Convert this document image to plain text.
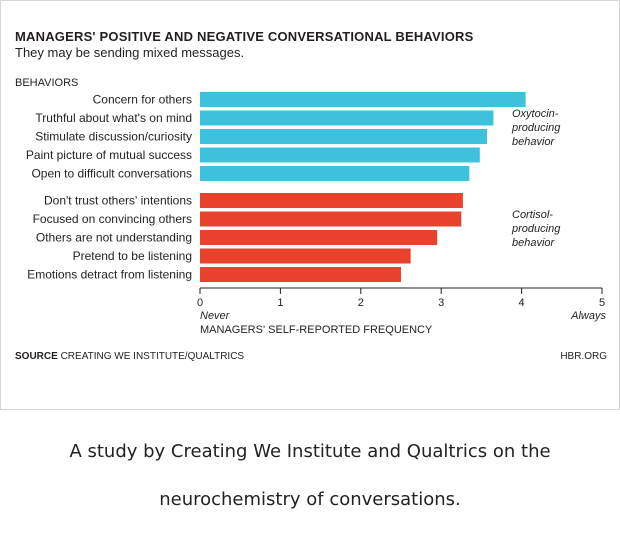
MANAGERS' POSITIVE AND NEGATIVE CONVERSATIONAL BEHAVIORS
They may be sending mixed messages.
BEHAVIORS
Concern for others
Truthful about what's on mind
Stimulate discussion/curiosity
Paint picture of mutual success
Open to difficult conversations
Oxytocin-
producing
behavior
Don't trust others' intentions
Focused on convincing others
Others are not understanding
Pretend to be listening
Emotions detract from listening
Cortisol-
producing
behavior
0	1	2	3	4	5
Never	Always
MANAGERS' SELF-REPORTED FREQUENCY
SOURCE CREATING WE INSTITUTE/QUALTRICS	HBR.ORG
A study by Creating We Institute and Qualtrics on the neurochemistry of conversations.
